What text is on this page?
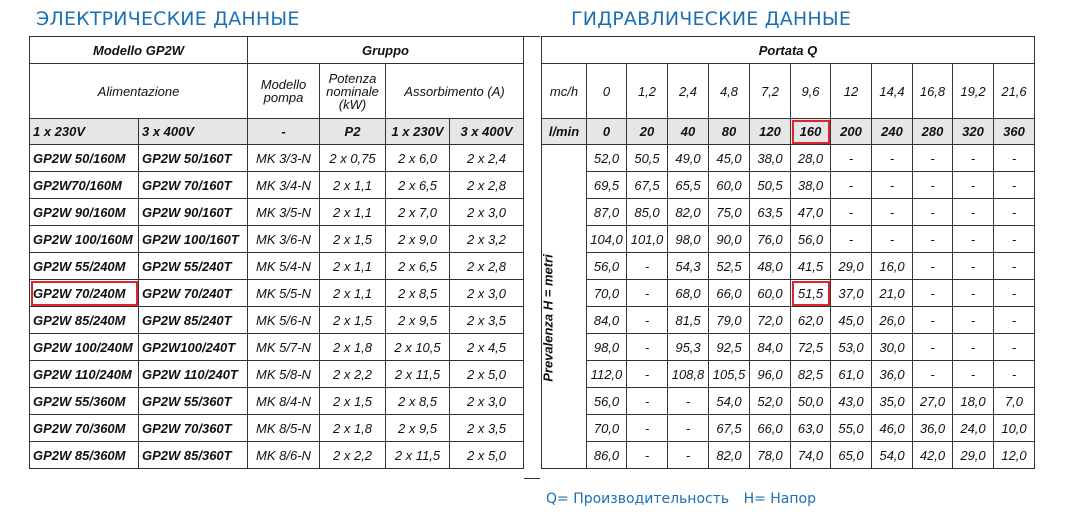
ЭЛЕКТРИЧЕСКИЕ ДАННЫЕ	ГИДРАВЛИЧЕСКИЕ ДАННЫЕ
Modello GP2W		Gruppo			
Alimentazione		Modello pompa	Potenza nominale (kW)	Assorbimento (A)	
1 x 230V	3 x 400V	-	P2	1 x 230V	3 x 400V
GP2W 50/160M	GP2W 50/160T	MK 3/3-N	2 x 0,75	2 x 6,0	2 x 2,4
GP2W70/160M	GP2W 70/160T	MK 3/4-N	2 x 1,1	2 x 6,5	2 x 2,8
GP2W 90/160M	GP2W 90/160T	MK 3/5-N	2 x 1,1	2 x 7,0	2 x 3,0
GP2W 100/160M	GP2W 100/160T	MK 3/6-N	2 x 1,5	2 x 9,0	2 x 3,2
GP2W 55/240M	GP2W 55/240T	MK 5/4-N	2 x 1,1	2 x 6,5	2 x 2,8
GP2W 70/240M	GP2W 70/240T	MK 5/5-N	2 x 1,1	2 x 8,5	2 x 3,0
GP2W 85/240M	GP2W 85/240T	MK 5/6-N	2 x 1,5	2 x 9,5	2 x 3,5
GP2W 100/240M	GP2W100/240T	MK 5/7-N	2 x 1,8	2 x 10,5	2 x 4,5
GP2W 110/240M	GP2W 110/240T	MK 5/8-N	2 x 2,2	2 x 11,5	2 x 5,0
GP2W 55/360M	GP2W 55/360T	MK 8/4-N	2 x 1,5	2 x 8,5	2 x 3,0
GP2W 70/360M	GP2W 70/360T	MK 8/5-N	2 x 1,8	2 x 9,5	2 x 3,5
GP2W 85/360M	GP2W 85/360T	MK 8/6-N	2 x 2,2	2 x 11,5	2 x 5,0
Portata Q											
mc/h	0	1,2	2,4	4,8	7,2	9,6	12	14,4	16,8	19,2	21,6
l/min	0	20	40	80	120	160	200	240	280	320	360
	52,0	50,5	49,0	45,0	38,0	28,0	-	-	-	-	-
	69,5	67,5	65,5	60,0	50,5	38,0	-	-	-	-	-
	87,0	85,0	82,0	75,0	63,5	47,0	-	-	-	-	-
	104,0	101,0	98,0	90,0	76,0	56,0	-	-	-	-	-
	56,0	-	54,3	52,5	48,0	41,5	29,0	16,0	-	-	-
	70,0	-	68,0	66,0	60,0	51,5	37,0	21,0	-	-	-
	84,0	-	81,5	79,0	72,0	62,0	45,0	26,0	-	-	-
	98,0	-	95,3	92,5	84,0	72,5	53,0	30,0	-	-	-
	112,0	-	108,8	105,5	96,0	82,5	61,0	36,0	-	-	-
	56,0	-	-	54,0	52,0	50,0	43,0	35,0	27,0	18,0	7,0
	70,0	-	-	67,5	66,0	63,0	55,0	46,0	36,0	24,0	10,0
	86,0	-	-	82,0	78,0	74,0	65,0	54,0	42,0	29,0	12,0
Prevalenza H = metri
Q= Производительность H= Напор
